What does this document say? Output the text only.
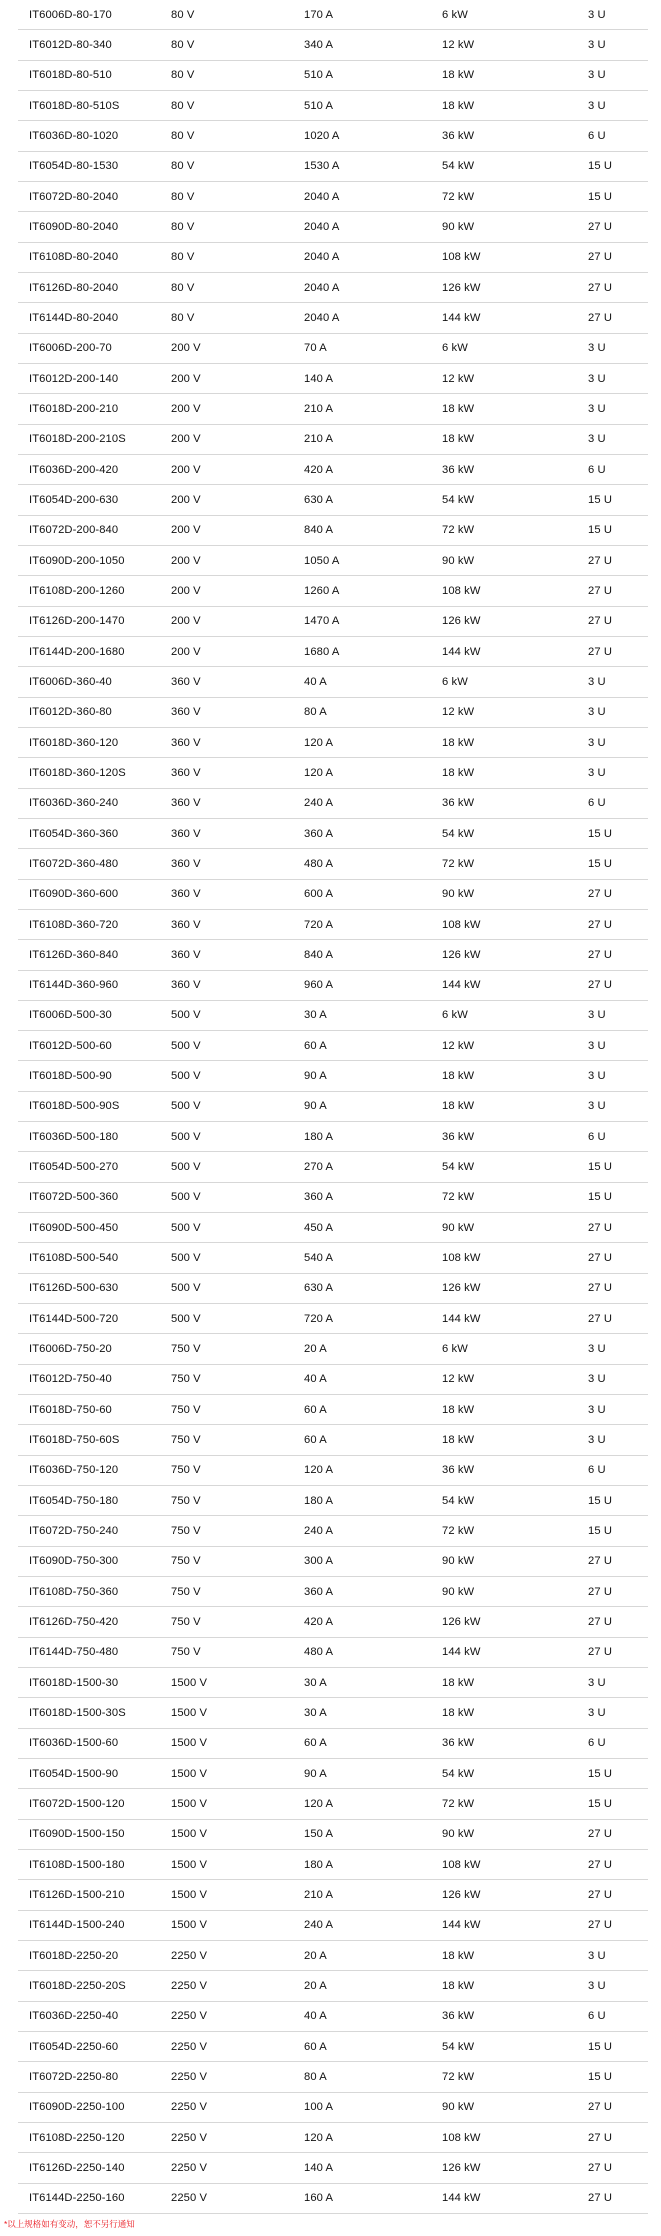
IT6006D-80-170	80 V	170 A	6 kW	3 U
IT6012D-80-340	80 V	340 A	12 kW	3 U
IT6018D-80-510	80 V	510 A	18 kW	3 U
IT6018D-80-510S	80 V	510 A	18 kW	3 U
IT6036D-80-1020	80 V	1020 A	36 kW	6 U
IT6054D-80-1530	80 V	1530 A	54 kW	15 U
IT6072D-80-2040	80 V	2040 A	72 kW	15 U
IT6090D-80-2040	80 V	2040 A	90 kW	27 U
IT6108D-80-2040	80 V	2040 A	108 kW	27 U
IT6126D-80-2040	80 V	2040 A	126 kW	27 U
IT6144D-80-2040	80 V	2040 A	144 kW	27 U
IT6006D-200-70	200 V	70 A	6 kW	3 U
IT6012D-200-140	200 V	140 A	12 kW	3 U
IT6018D-200-210	200 V	210 A	18 kW	3 U
IT6018D-200-210S	200 V	210 A	18 kW	3 U
IT6036D-200-420	200 V	420 A	36 kW	6 U
IT6054D-200-630	200 V	630 A	54 kW	15 U
IT6072D-200-840	200 V	840 A	72 kW	15 U
IT6090D-200-1050	200 V	1050 A	90 kW	27 U
IT6108D-200-1260	200 V	1260 A	108 kW	27 U
IT6126D-200-1470	200 V	1470 A	126 kW	27 U
IT6144D-200-1680	200 V	1680 A	144 kW	27 U
IT6006D-360-40	360 V	40 A	6 kW	3 U
IT6012D-360-80	360 V	80 A	12 kW	3 U
IT6018D-360-120	360 V	120 A	18 kW	3 U
IT6018D-360-120S	360 V	120 A	18 kW	3 U
IT6036D-360-240	360 V	240 A	36 kW	6 U
IT6054D-360-360	360 V	360 A	54 kW	15 U
IT6072D-360-480	360 V	480 A	72 kW	15 U
IT6090D-360-600	360 V	600 A	90 kW	27 U
IT6108D-360-720	360 V	720 A	108 kW	27 U
IT6126D-360-840	360 V	840 A	126 kW	27 U
IT6144D-360-960	360 V	960 A	144 kW	27 U
IT6006D-500-30	500 V	30 A	6 kW	3 U
IT6012D-500-60	500 V	60 A	12 kW	3 U
IT6018D-500-90	500 V	90 A	18 kW	3 U
IT6018D-500-90S	500 V	90 A	18 kW	3 U
IT6036D-500-180	500 V	180 A	36 kW	6 U
IT6054D-500-270	500 V	270 A	54 kW	15 U
IT6072D-500-360	500 V	360 A	72 kW	15 U
IT6090D-500-450	500 V	450 A	90 kW	27 U
IT6108D-500-540	500 V	540 A	108 kW	27 U
IT6126D-500-630	500 V	630 A	126 kW	27 U
IT6144D-500-720	500 V	720 A	144 kW	27 U
IT6006D-750-20	750 V	20 A	6 kW	3 U
IT6012D-750-40	750 V	40 A	12 kW	3 U
IT6018D-750-60	750 V	60 A	18 kW	3 U
IT6018D-750-60S	750 V	60 A	18 kW	3 U
IT6036D-750-120	750 V	120 A	36 kW	6 U
IT6054D-750-180	750 V	180 A	54 kW	15 U
IT6072D-750-240	750 V	240 A	72 kW	15 U
IT6090D-750-300	750 V	300 A	90 kW	27 U
IT6108D-750-360	750 V	360 A	90 kW	27 U
IT6126D-750-420	750 V	420 A	126 kW	27 U
IT6144D-750-480	750 V	480 A	144 kW	27 U
IT6018D-1500-30	1500 V	30 A	18 kW	3 U
IT6018D-1500-30S	1500 V	30 A	18 kW	3 U
IT6036D-1500-60	1500 V	60 A	36 kW	6 U
IT6054D-1500-90	1500 V	90 A	54 kW	15 U
IT6072D-1500-120	1500 V	120 A	72 kW	15 U
IT6090D-1500-150	1500 V	150 A	90 kW	27 U
IT6108D-1500-180	1500 V	180 A	108 kW	27 U
IT6126D-1500-210	1500 V	210 A	126 kW	27 U
IT6144D-1500-240	1500 V	240 A	144 kW	27 U
IT6018D-2250-20	2250 V	20 A	18 kW	3 U
IT6018D-2250-20S	2250 V	20 A	18 kW	3 U
IT6036D-2250-40	2250 V	40 A	36 kW	6 U
IT6054D-2250-60	2250 V	60 A	54 kW	15 U
IT6072D-2250-80	2250 V	80 A	72 kW	15 U
IT6090D-2250-100	2250 V	100 A	90 kW	27 U
IT6108D-2250-120	2250 V	120 A	108 kW	27 U
IT6126D-2250-140	2250 V	140 A	126 kW	27 U
IT6144D-2250-160	2250 V	160 A	144 kW	27 U
*以上规格如有变动，恕不另行通知
